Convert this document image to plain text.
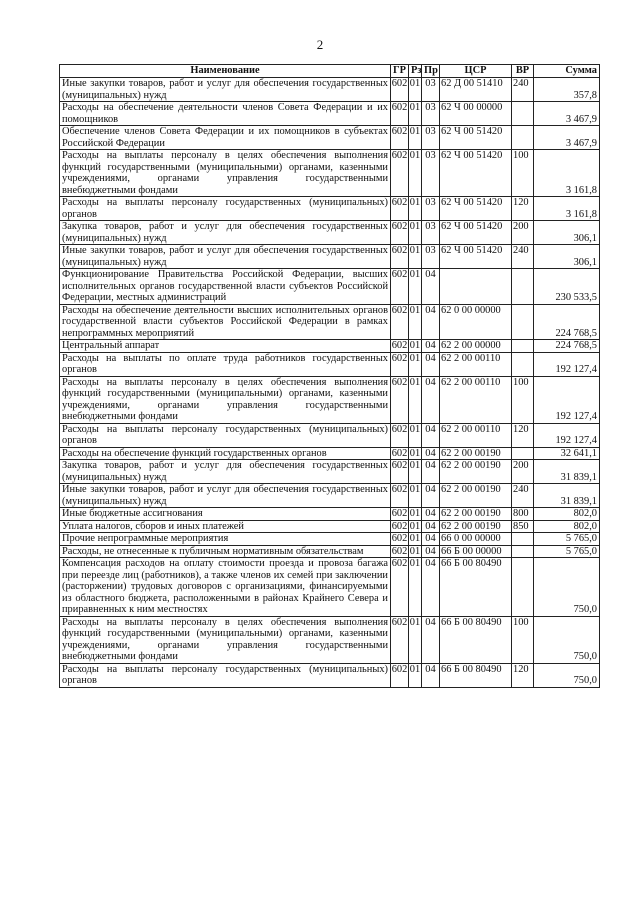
2
Наименование	ГР	Рз	Пр	ЦСР	ВР	Сумма
Иные закупки товаров, работ и услуг для обеспечения государственных (муниципальных) нужд	602	01	03	62 Д 00 51410	240	357,8
Расходы на обеспечение деятельности членов Совета Федерации и их помощников	602	01	03	62 Ч 00 00000		3 467,9
Обеспечение членов Совета Федерации и их помощников в субъектах Российской Федерации	602	01	03	62 Ч 00 51420		3 467,9
Расходы на выплаты персоналу в целях обеспечения выполнения функций государственными (муниципальными) органами, казенными учреждениями, органами управления государственными внебюджетными фондами	602	01	03	62 Ч 00 51420	100	3 161,8
Расходы на выплаты персоналу государственных (муниципальных) органов	602	01	03	62 Ч 00 51420	120	3 161,8
Закупка товаров, работ и услуг для обеспечения государственных (муниципальных) нужд	602	01	03	62 Ч 00 51420	200	306,1
Иные закупки товаров, работ и услуг для обеспечения государственных (муниципальных) нужд	602	01	03	62 Ч 00 51420	240	306,1
Функционирование Правительства Российской Федерации, высших исполнительных органов государственной власти субъектов Российской Федерации, местных администраций	602	01	04			230 533,5
Расходы на обеспечение деятельности высших исполнительных органов государственной власти субъектов Российской Федерации в рамках непрограммных мероприятий	602	01	04	62 0 00 00000		224 768,5
Центральный аппарат	602	01	04	62 2 00 00000		224 768,5
Расходы на выплаты по оплате труда работников государственных органов	602	01	04	62 2 00 00110		192 127,4
Расходы на выплаты персоналу в целях обеспечения выполнения функций государственными (муниципальными) органами, казенными учреждениями, органами управления государственными внебюджетными фондами	602	01	04	62 2 00 00110	100	192 127,4
Расходы на выплаты персоналу государственных (муниципальных) органов	602	01	04	62 2 00 00110	120	192 127,4
Расходы на обеспечение функций государственных органов	602	01	04	62 2 00 00190		32 641,1
Закупка товаров, работ и услуг для обеспечения государственных (муниципальных) нужд	602	01	04	62 2 00 00190	200	31 839,1
Иные закупки товаров, работ и услуг для обеспечения государственных (муниципальных) нужд	602	01	04	62 2 00 00190	240	31 839,1
Иные бюджетные ассигнования	602	01	04	62 2 00 00190	800	802,0
Уплата налогов, сборов и иных платежей	602	01	04	62 2 00 00190	850	802,0
Прочие непрограммные мероприятия	602	01	04	66 0 00 00000		5 765,0
Расходы, не отнесенные к публичным нормативным обязательствам	602	01	04	66 Б 00 00000		5 765,0
Компенсация расходов на оплату стоимости проезда и провоза багажа при переезде лиц (работников), а также членов их семей при заключении (расторжении) трудовых договоров с организациями, финансируемыми из областного бюджета, расположенными в районах Крайнего Севера и приравненных к ним местностях	602	01	04	66 Б 00 80490		750,0
Расходы на выплаты персоналу в целях обеспечения выполнения функций государственными (муниципальными) органами, казенными учреждениями, органами управления государственными внебюджетными фондами	602	01	04	66 Б 00 80490	100	750,0
Расходы на выплаты персоналу государственных (муниципальных) органов	602	01	04	66 Б 00 80490	120	750,0
